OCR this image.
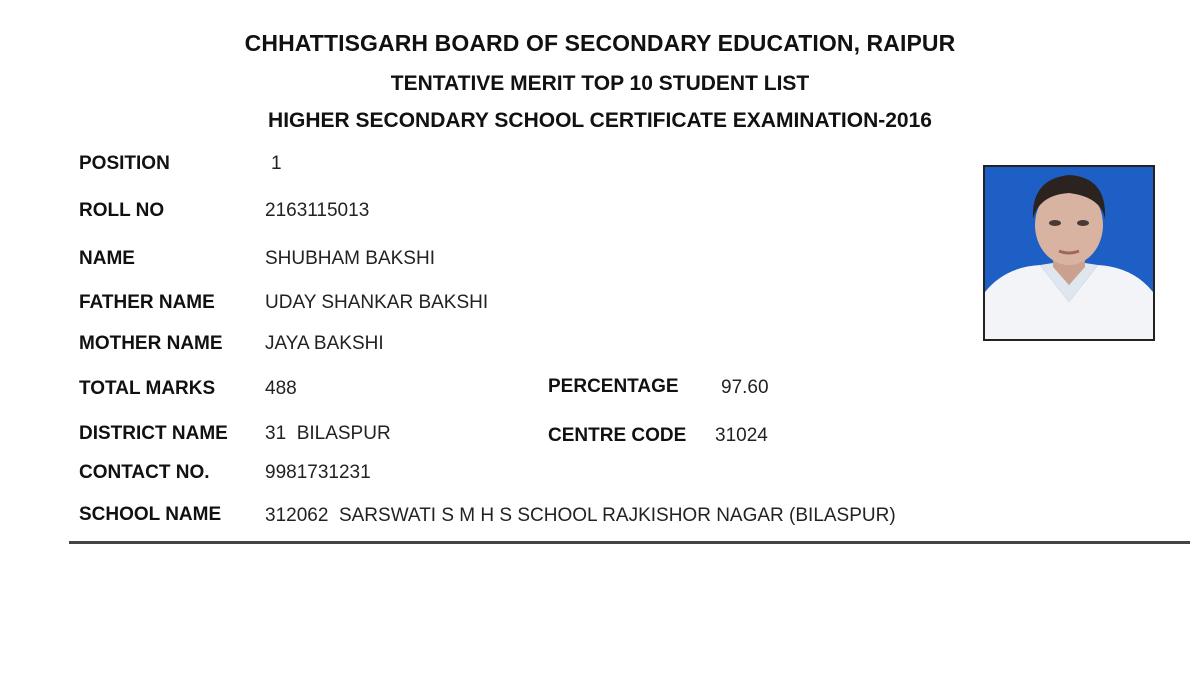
CHHATTISGARH BOARD OF SECONDARY EDUCATION, RAIPUR
TENTATIVE MERIT TOP 10 STUDENT LIST
HIGHER SECONDARY SCHOOL CERTIFICATE EXAMINATION-2016
POSITION	1
ROLL NO	2163115013
NAME	SHUBHAM BAKSHI
FATHER NAME	UDAY SHANKAR BAKSHI
MOTHER NAME JAYA BAKSHI
TOTAL MARKS	488	PERCENTAGE 97.60
DISTRICT NAME 31  BILASPUR	CENTRE CODE 31024
CONTACT NO.	9981731231
SCHOOL NAME 312062  SARSWATI S M H S SCHOOL RAJKISHOR NAGAR (BILASPUR)
